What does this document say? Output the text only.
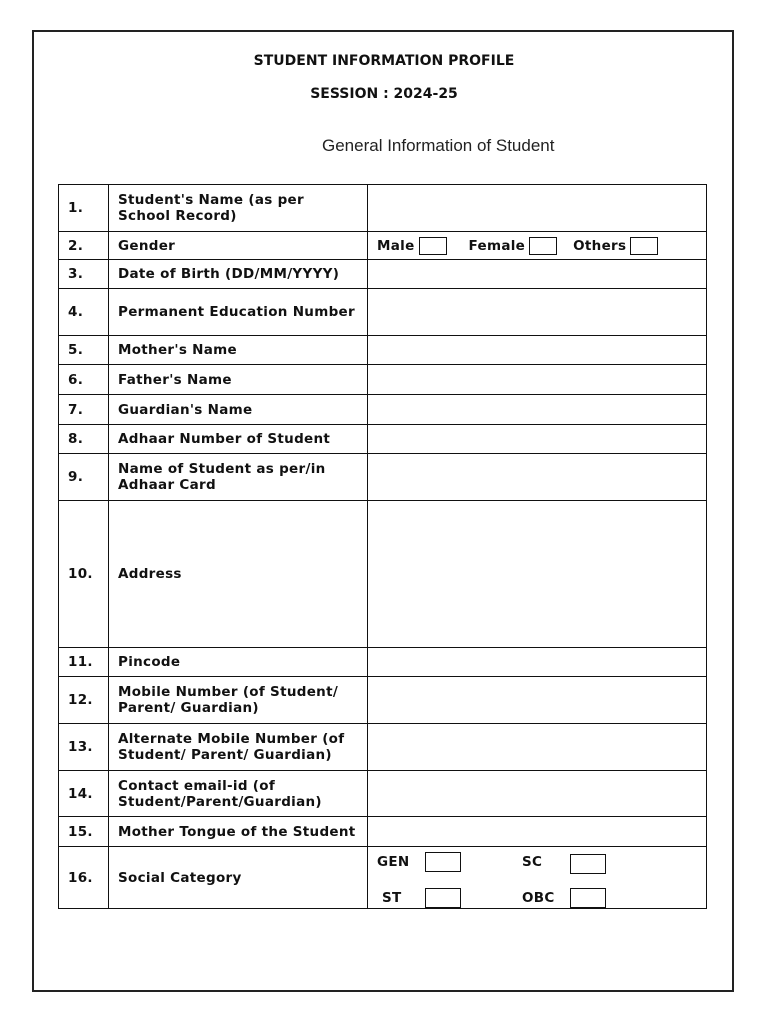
STUDENT INFORMATION PROFILE
SESSION : 2024-25
General Information of Student
1.	Student's Name (as per School Record)	
2.	Gender	Male Female Others
3.	Date of Birth (DD/MM/YYYY)	
4.	Permanent Education Number	
5.	Mother's Name	
6.	Father's Name	
7.	Guardian's Name	
8.	Adhaar Number of Student	
9.	Name of Student as per/in Adhaar Card	
10.	Address	
11.	Pincode	
12.	Mobile Number (of Student/ Parent/ Guardian)	
13.	Alternate Mobile Number (of Student/ Parent/ Guardian)	
14.	Contact email-id (of Student/Parent/Guardian)	
15.	Mother Tongue of the Student	
16.	Social Category	GEN SC
ST OBC
